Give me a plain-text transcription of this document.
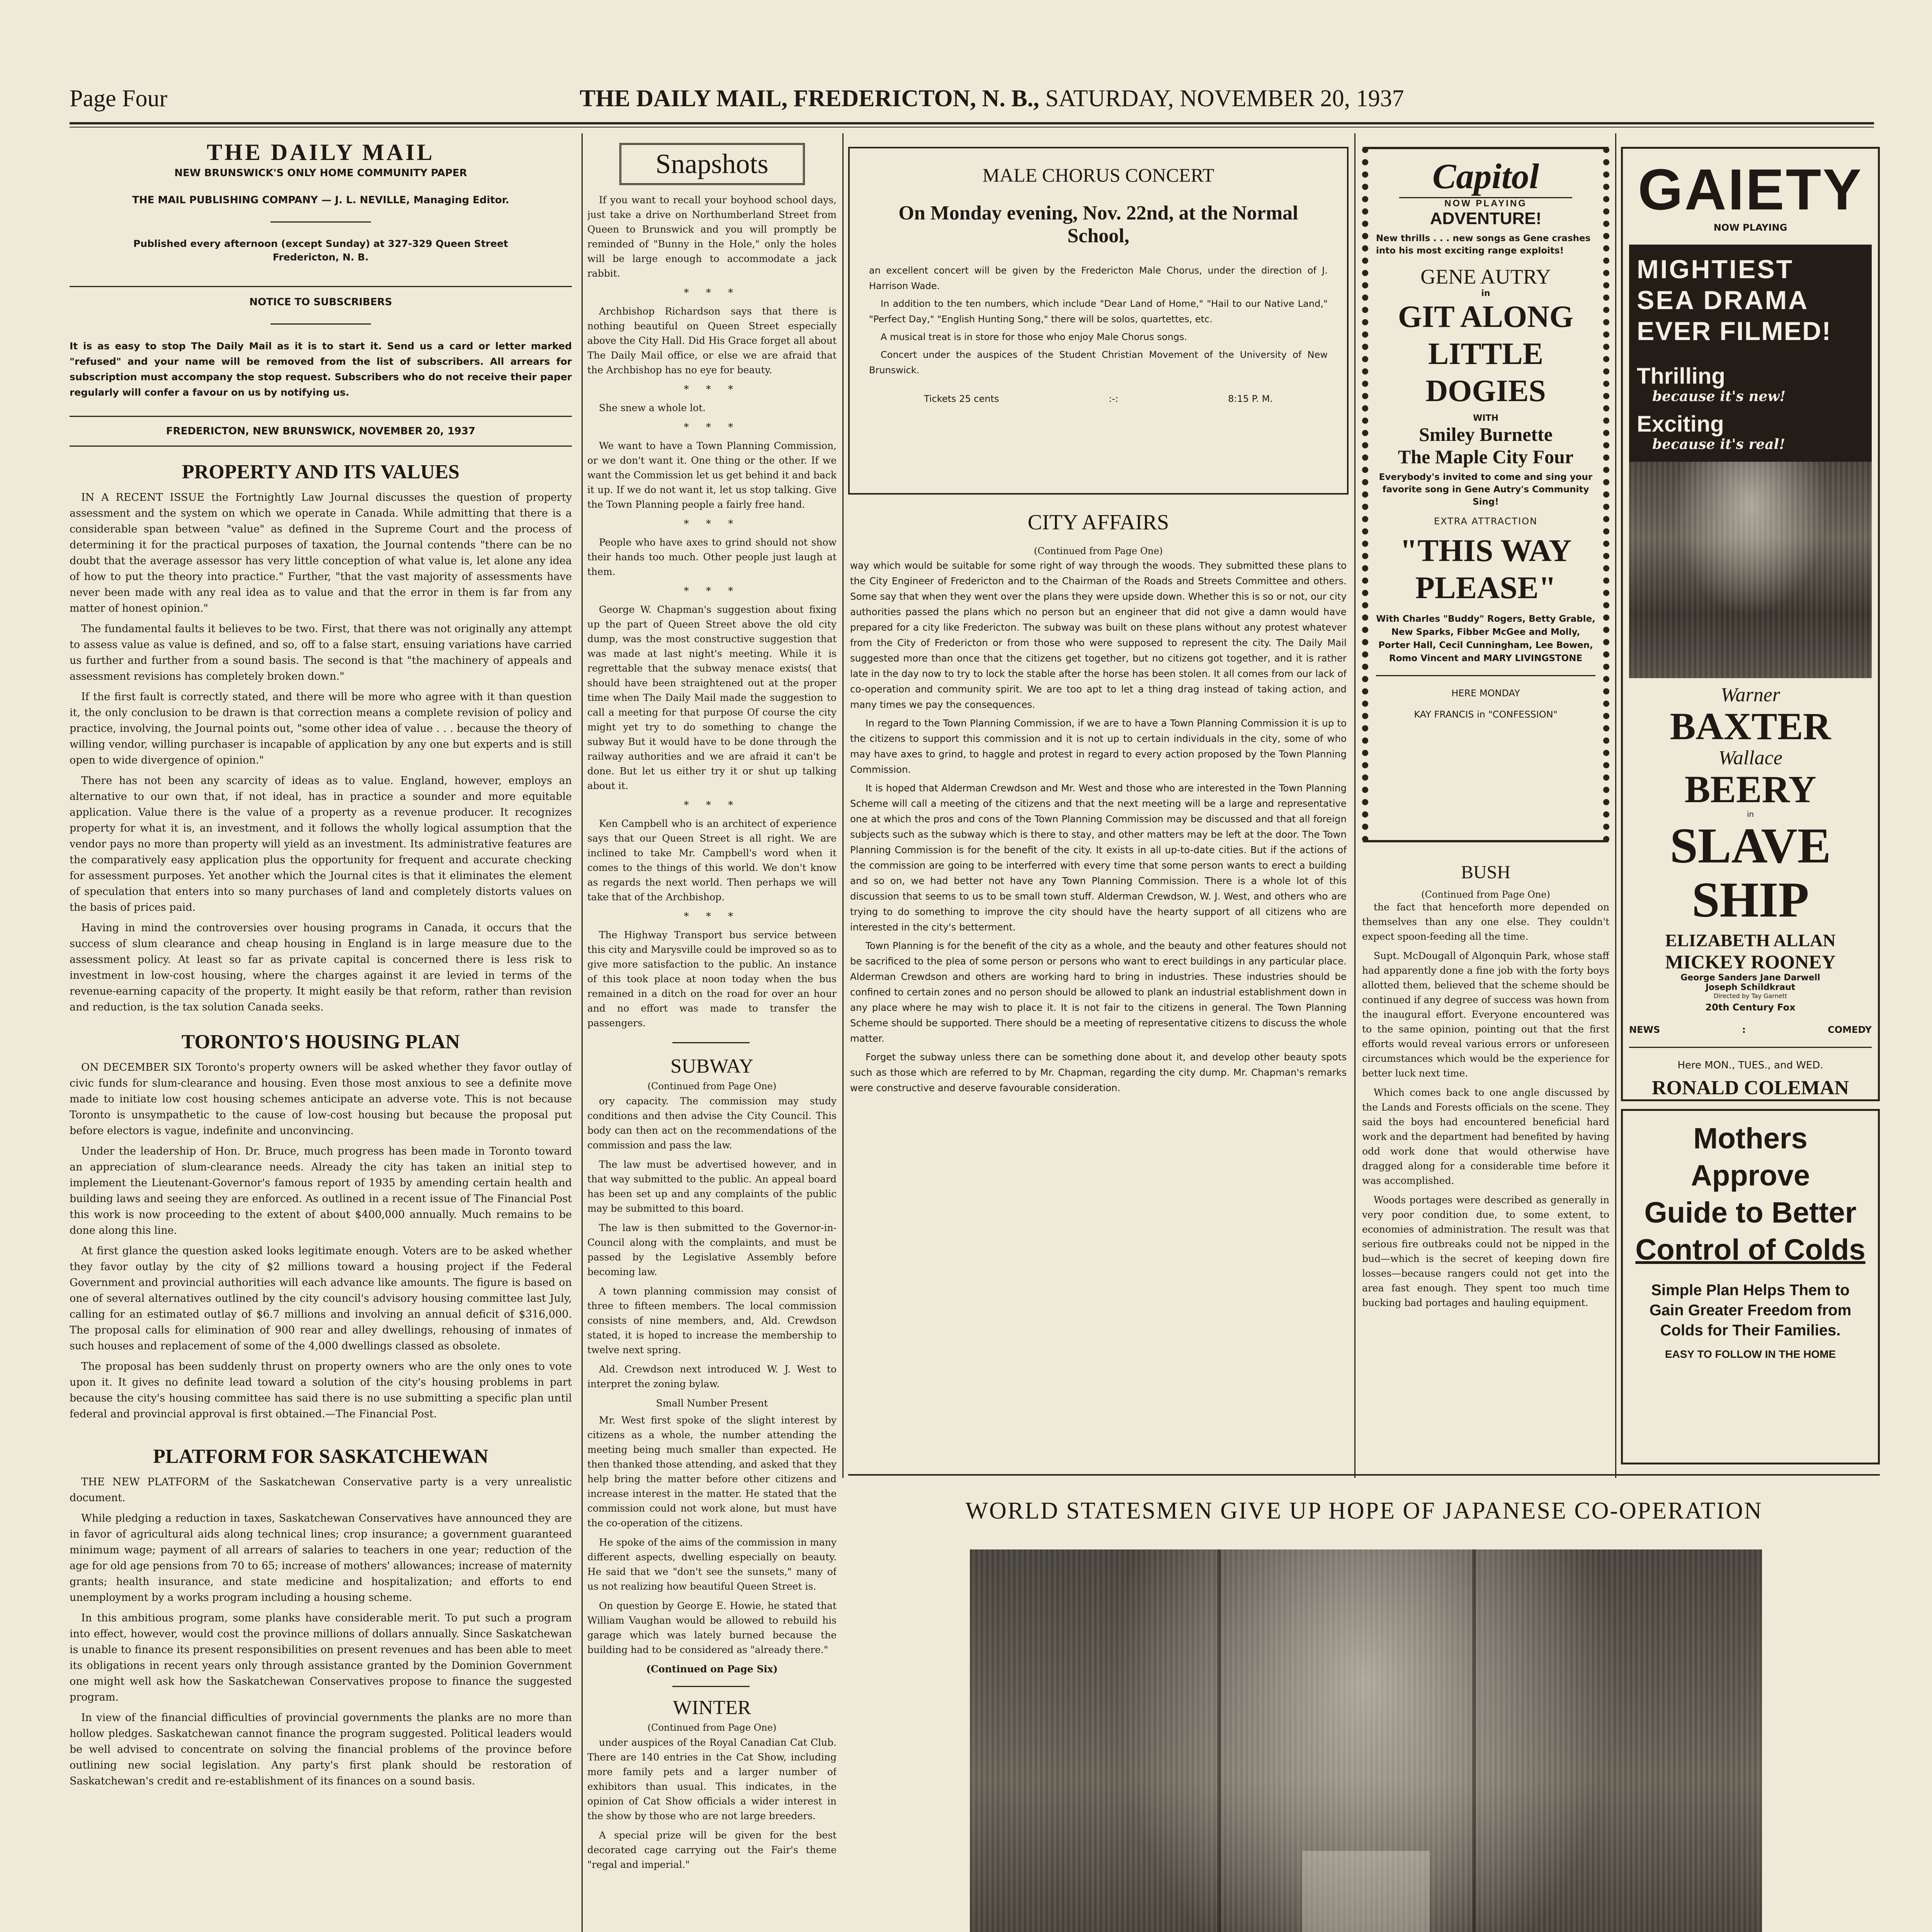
Page Four	THE DAILY MAIL, FREDERICTON, N. B., SATURDAY, NOVEMBER 20, 1937
THE DAILY MAIL
NEW BRUNSWICK'S ONLY HOME COMMUNITY PAPER
THE MAIL PUBLISHING COMPANY — J. L. NEVILLE, Managing Editor.
Published every afternoon (except Sunday) at 327-329 Queen Street
Fredericton, N. B.
NOTICE TO SUBSCRIBERS
It is as easy to stop The Daily Mail as it is to start it. Send us a card or letter marked "refused" and your name will be removed from the list of subscribers. All arrears for subscription must accompany the stop request. Subscribers who do not receive their paper regularly will confer a favour on us by notifying us.
FREDERICTON, NEW BRUNSWICK, NOVEMBER 20, 1937
PROPERTY AND ITS VALUES

IN A RECENT ISSUE the Fortnightly Law Journal discusses the question of property assessment and the system on which we operate in Canada. While admitting that there is a considerable span between "value" as defined in the Supreme Court and the process of determining it for the practical purposes of taxation, the Journal contends "there can be no doubt that the average assessor has very little conception of what value is, let alone any idea of how to put the theory into practice." Further, "that the vast majority of assessments have never been made with any real idea as to value and that the error in them is far from any matter of honest opinion."

The fundamental faults it believes to be two. First, that there was not originally any attempt to assess value as value is defined, and so, off to a false start, ensuing variations have carried us further and further from a sound basis. The second is that "the machinery of appeals and assessment revisions has completely broken down."

If the first fault is correctly stated, and there will be more who agree with it than question it, the only conclusion to be drawn is that correction means a complete revision of policy and practice, involving, the Journal points out, "some other idea of value . . . because the theory of willing vendor, willing purchaser is incapable of application by any one but experts and is still open to wide divergence of opinion."

There has not been any scarcity of ideas as to value. England, however, employs an alternative to our own that, if not ideal, has in practice a sounder and more equitable application. Value there is the value of a property as a revenue producer. It recognizes property for what it is, an investment, and it follows the wholly logical assumption that the vendor pays no more than property will yield as an investment. Its administrative features are the comparatively easy application plus the opportunity for frequent and accurate checking for assessment purposes. Yet another which the Journal cites is that it eliminates the element of speculation that enters into so many purchases of land and completely distorts values on the basis of prices paid.

Having in mind the controversies over housing programs in Canada, it occurs that the success of slum clearance and cheap housing in England is in large measure due to the assessment policy. At least so far as private capital is concerned there is less risk to investment in low-cost housing, where the charges against it are levied in terms of the revenue-earning capacity of the property. It might easily be that reform, rather than revision and reduction, is the tax solution Canada seeks.

TORONTO'S HOUSING PLAN

ON DECEMBER SIX Toronto's property owners will be asked whether they favor outlay of civic funds for slum-clearance and housing. Even those most anxious to see a definite move made to initiate low cost housing schemes anticipate an adverse vote. This is not because Toronto is unsympathetic to the cause of low-cost housing but because the proposal put before electors is vague, indefinite and unconvincing.

Under the leadership of Hon. Dr. Bruce, much progress has been made in Toronto toward an appreciation of slum-clearance needs. Already the city has taken an initial step to implement the Lieutenant-Governor's famous report of 1935 by amending certain health and building laws and seeing they are enforced. As outlined in a recent issue of The Financial Post this work is now proceeding to the extent of about $400,000 annually. Much remains to be done along this line.

At first glance the question asked looks legitimate enough. Voters are to be asked whether they favor outlay by the city of $2 millions toward a housing project if the Federal Government and provincial authorities will each advance like amounts. The figure is based on one of several alternatives outlined by the city council's advisory housing committee last July, calling for an estimated outlay of $6.7 millions and involving an annual deficit of $316,000. The proposal calls for elimination of 900 rear and alley dwellings, rehousing of inmates of such houses and replacement of some of the 4,000 dwellings classed as obsolete.

The proposal has been suddenly thrust on property owners who are the only ones to vote upon it. It gives no definite lead toward a solution of the city's housing problems in part because the city's housing committee has said there is no use submitting a specific plan until federal and provincial approval is first obtained.—The Financial Post.

PLATFORM FOR SASKATCHEWAN

THE NEW PLATFORM of the Saskatchewan Conservative party is a very unrealistic document.

While pledging a reduction in taxes, Saskatchewan Conservatives have announced they are in favor of agricultural aids along technical lines; crop insurance; a government guaranteed minimum wage; payment of all arrears of salaries to teachers in one year; reduction of the age for old age pensions from 70 to 65; increase of mothers' allowances; increase of maternity grants; health insurance, and state medicine and hospitalization; and efforts to end unemployment by a works program including a housing scheme.

In this ambitious program, some planks have considerable merit. To put such a program into effect, however, would cost the province millions of dollars annually. Since Saskatchewan is unable to finance its present responsibilities on present revenues and has been able to meet its obligations in recent years only through assistance granted by the Dominion Government one might well ask how the Saskatchewan Conservatives propose to finance the suggested program.

In view of the financial difficulties of provincial governments the planks are no more than hollow pledges. Saskatchewan cannot finance the program suggested. Political leaders would be well advised to concentrate on solving the financial problems of the province before outlining new social legislation. Any party's first plank should be restoration of Saskatchewan's credit and re-establishment of its finances on a sound basis.

Snapshots

If you want to recall your boyhood school days, just take a drive on Northumberland Street from Queen to Brunswick and you will promptly be reminded of "Bunny in the Hole," only the holes will be large enough to accommodate a jack rabbit.

* * *

Archbishop Richardson says that there is nothing beautiful on Queen Street especially above the City Hall. Did His Grace forget all about The Daily Mail office, or else we are afraid that the Archbishop has no eye for beauty.

* * *

She snew a whole lot.

* * *

We want to have a Town Planning Commission, or we don't want it. One thing or the other. If we want the Commission let us get behind it and back it up. If we do not want it, let us stop talking. Give the Town Planning people a fairly free hand.

* * *

People who have axes to grind should not show their hands too much. Other people just laugh at them.

* * *

George W. Chapman's suggestion about fixing up the part of Queen Street above the old city dump, was the most constructive suggestion that was made at last night's meeting. While it is regrettable that the subway menace exists( that should have been straightened out at the proper time when The Daily Mail made the suggestion to call a meeting for that purpose Of course the city might yet try to do something to change the subway But it would have to be done through the railway authorities and we are afraid it can't be done. But let us either try it or shut up talking about it.

* * *

Ken Campbell who is an architect of experience says that our Queen Street is all right. We are inclined to take Mr. Campbell's word when it comes to the things of this world. We don't know as regards the next world. Then perhaps we will take that of the Archbishop.

* * *

The Highway Transport bus service between this city and Marysville could be improved so as to give more satisfaction to the public. An instance of this took place at noon today when the bus remained in a ditch on the road for over an hour and no effort was made to transfer the passengers.

SUBWAY
(Continued from Page One)

ory capacity. The commission may study conditions and then advise the City Council. This body can then act on the recommendations of the commission and pass the law.

The law must be advertised however, and in that way submitted to the public. An appeal board has been set up and any complaints of the public may be submitted to this board.

The law is then submitted to the Governor-in-Council along with the complaints, and must be passed by the Legislative Assembly before becoming law.

A town planning commission may consist of three to fifteen members. The local commission consists of nine members, and, Ald. Crewdson stated, it is hoped to increase the membership to twelve next spring.

Ald. Crewdson next introduced W. J. West to interpret the zoning bylaw.

Small Number Present

Mr. West first spoke of the slight interest by citizens as a whole, the number attending the meeting being much smaller than expected. He then thanked those attending, and asked that they help bring the matter before other citizens and increase interest in the matter. He stated that the commission could not work alone, but must have the co-operation of the citizens.

He spoke of the aims of the commission in many different aspects, dwelling especially on beauty. He said that we "don't see the sunsets," many of us not realizing how beautiful Queen Street is.

On question by George E. Howie, he stated that William Vaughan would be allowed to rebuild his garage which was lately burned because the building had to be considered as "already there."

(Continued on Page Six)
WINTER
(Continued from Page One)

under auspices of the Royal Canadian Cat Club. There are 140 entries in the Cat Show, including more family pets and a larger number of exhibitors than usual. This indicates, in the opinion of Cat Show officials a wider interest in the show by those who are not large breeders.

A special prize will be given for the best decorated cage carrying out the Fair's theme "regal and imperial."

MALE CHORUS CONCERT
On Monday evening, Nov. 22nd, at the Normal School,

an excellent concert will be given by the Fredericton Male Chorus, under the direction of J. Harrison Wade.

In addition to the ten numbers, which include "Dear Land of Home," "Hail to our Native Land," "Perfect Day," "English Hunting Song," there will be solos, quartettes, etc.

A musical treat is in store for those who enjoy Male Chorus songs.

Concert under the auspices of the Student Christian Movement of the University of New Brunswick.

Tickets 25 cents	:-:	8:15 P. M.
CITY AFFAIRS
(Continued from Page One)

way which would be suitable for some right of way through the woods. They submitted these plans to the City Engineer of Fredericton and to the Chairman of the Roads and Streets Committee and others. Some say that when they went over the plans they were upside down. Whether this is so or not, our city authorities passed the plans which no person but an engineer that did not give a damn would have prepared for a city like Fredericton. The subway was built on these plans without any protest whatever from the City of Fredericton or from those who were supposed to represent the city. The Daily Mail suggested more than once that the citizens get together, but no citizens got together, and it is rather late in the day now to try to lock the stable after the horse has been stolen. It all comes from our lack of co-operation and community spirit. We are too apt to let a thing drag instead of taking action, and many times we pay the consequences.

In regard to the Town Planning Commission, if we are to have a Town Planning Commission it is up to the citizens to support this commission and it is not up to certain individuals in the city, some of who may have axes to grind, to haggle and protest in regard to every action proposed by the Town Planning Commission.

It is hoped that Alderman Crewdson and Mr. West and those who are interested in the Town Planning Scheme will call a meeting of the citizens and that the next meeting will be a large and representative one at which the pros and cons of the Town Planning Commission may be discussed and that all foreign subjects such as the subway which is there to stay, and other matters may be left at the door. The Town Planning Commission is for the benefit of the city. It exists in all up-to-date cities. But if the actions of the commission are going to be interferred with every time that some person wants to erect a building and so on, we had better not have any Town Planning Commission. There is a whole lot of this discussion that seems to us to be small town stuff. Alderman Crewdson, W. J. West, and others who are trying to do something to improve the city should have the hearty support of all citizens who are interested in the city's betterment.

Town Planning is for the benefit of the city as a whole, and the beauty and other features should not be sacrificed to the plea of some person or persons who want to erect buildings in any particular place. Alderman Crewdson and others are working hard to bring in industries. These industries should be confined to certain zones and no person should be allowed to plank an industrial establishment down in any place where he may wish to place it. It is not fair to the citizens in general. The Town Planning Scheme should be supported. There should be a meeting of representative citizens to discuss the whole matter.

Forget the subway unless there can be something done about it, and develop other beauty spots such as those which are referred to by Mr. Chapman, regarding the city dump. Mr. Chapman's remarks were constructive and deserve favourable consideration.

Capitol
NOW PLAYING
ADVENTURE!
New thrills . . . new songs as Gene crashes into his most exciting range exploits!
GENE AUTRY
in
GIT ALONG LITTLE DOGIES
WITH
Smiley Burnette
The Maple City Four
Everybody's invited to come and sing your favorite song in Gene Autry's Community Sing!
EXTRA ATTRACTION
"THIS WAY PLEASE"
With Charles "Buddy" Rogers, Betty Grable, New Sparks, Fibber McGee and Molly, Porter Hall, Cecil Cunningham, Lee Bowen, Romo Vincent and MARY LIVINGSTONE
HERE MONDAY
KAY FRANCIS in "CONFESSION"
BUSH
(Continued from Page One)

the fact that henceforth more depended on themselves than any one else. They couldn't expect spoon-feeding all the time.

Supt. McDougall of Algonquin Park, whose staff had apparently done a fine job with the forty boys allotted them, believed that the scheme should be continued if any degree of success was hown from the inaugural effort. Everyone encountered was to the same opinion, pointing out that the first efforts would reveal various errors or unforeseen circumstances which would be the experience for better luck next time.

Which comes back to one angle discussed by the Lands and Forests officials on the scene. They said the boys had encountered beneficial hard work and the department had benefited by having odd work done that would otherwise have dragged along for a considerable time before it was accomplished.

Woods portages were described as generally in very poor condition due, to some extent, to economies of administration. The result was that serious fire outbreaks could not be nipped in the bud—which is the secret of keeping down fire losses—because rangers could not get into the area fast enough. They spent too much time bucking bad portages and hauling equipment.

GAIETY
NOW PLAYING
MIGHTIEST
SEA DRAMA
EVER FILMED!
Thrilling
because it's new!
Exciting
because it's real!
Warner
BAXTER
Wallace
BEERY
in
SLAVE SHIP
ELIZABETH ALLAN
MICKEY ROONEY
George Sanders Jane Darwell
Joseph Schildkraut
Directed by Tay Garnett
20th Century Fox
NEWS	:	COMEDY
Here MON., TUES., and WED.
RONALD COLEMAN
Mothers Approve
Guide to Better
Control of Colds
Simple Plan Helps Them to Gain Greater Freedom from Colds for Their Families.
EASY TO FOLLOW IN THE HOME
WORLD STATESMEN GIVE UP HOPE OF JAPANESE CO-OPERATION
